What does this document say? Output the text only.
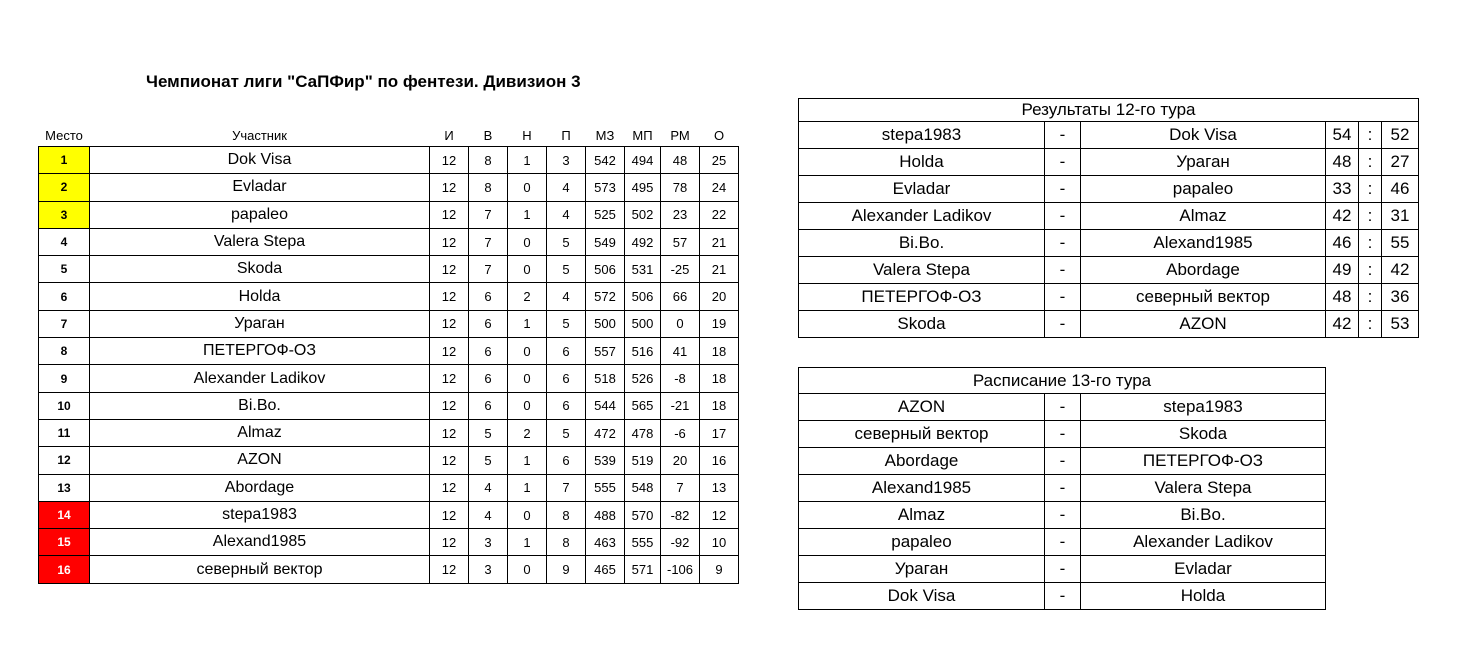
Чемпионат лиги "СаПФир" по фентези. Дивизион 3
Место	Участник	И	В	Н	П	МЗ	МП	РМ	О
1	Dok Visa	12	8	1	3	542	494	48	25
2	Evladar	12	8	0	4	573	495	78	24
3	papaleo	12	7	1	4	525	502	23	22
4	Valera Stepa	12	7	0	5	549	492	57	21
5	Skoda	12	7	0	5	506	531	-25	21
6	Holda	12	6	2	4	572	506	66	20
7	Ураган	12	6	1	5	500	500	0	19
8	ПЕТЕРГОФ-ОЗ	12	6	0	6	557	516	41	18
9	Alexander Ladikov	12	6	0	6	518	526	-8	18
10	Bi.Bo.	12	6	0	6	544	565	-21	18
11	Almaz	12	5	2	5	472	478	-6	17
12	AZON	12	5	1	6	539	519	20	16
13	Abordage	12	4	1	7	555	548	7	13
14	stepa1983	12	4	0	8	488	570	-82	12
15	Alexand1985	12	3	1	8	463	555	-92	10
16	северный вектор	12	3	0	9	465	571	-106	9
Результаты 12-го тура					
stepa1983	-	Dok Visa	54	:	52
Holda	-	Ураган	48	:	27
Evladar	-	papaleo	33	:	46
Alexander Ladikov	-	Almaz	42	:	31
Bi.Bo.	-	Alexand1985	46	:	55
Valera Stepa	-	Abordage	49	:	42
ПЕТЕРГОФ-ОЗ	-	северный вектор	48	:	36
Skoda	-	AZON	42	:	53
Расписание 13-го тура		
AZON	-	stepa1983
северный вектор	-	Skoda
Abordage	-	ПЕТЕРГОФ-ОЗ
Alexand1985	-	Valera Stepa
Almaz	-	Bi.Bo.
papaleo	-	Alexander Ladikov
Ураган	-	Evladar
Dok Visa	-	Holda
